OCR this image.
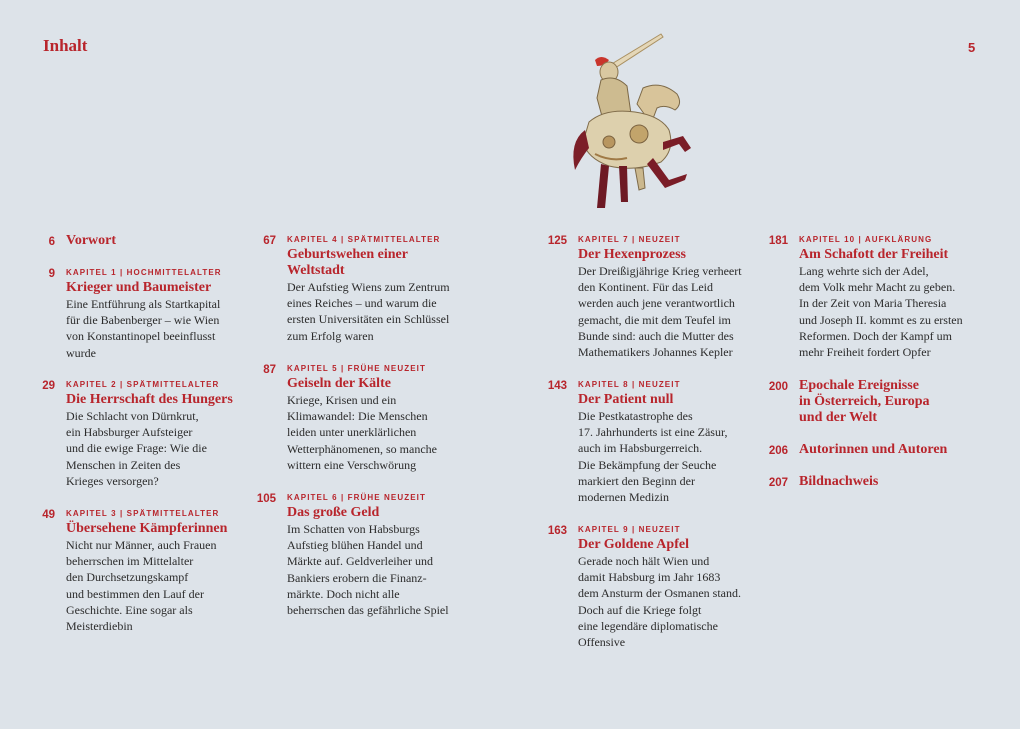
Inhalt	5
6 Vorwort
9 KAPITEL 1 | HOCHMITTELALTER
Krieger und Baumeister
Eine Entführung als Startkapital
für die Babenberger – wie Wien
von Konstantinopel beeinflusst
wurde
29 KAPITEL 2 | SPÄTMITTELALTER
Die Herrschaft des Hungers
Die Schlacht von Dürnkrut,
ein Habsburger Aufsteiger
und die ewige Frage: Wie die
Menschen in Zeiten des
Krieges versorgen?
49 KAPITEL 3 | SPÄTMITTELALTER
Übersehene Kämpferinnen
Nicht nur Männer, auch Frauen
beherrschen im Mittelalter
den Durchsetzungskampf
und bestimmen den Lauf der
Geschichte. Eine sogar als
Meisterdiebin
67 KAPITEL 4 | SPÄTMITTELALTER
Geburtswehen einer
Weltstadt
Der Aufstieg Wiens zum Zentrum
eines Reiches – und warum die
ersten Universitäten ein Schlüssel
zum Erfolg waren
87 KAPITEL 5 | FRÜHE NEUZEIT
Geiseln der Kälte
Kriege, Krisen und ein
Klimawandel: Die Menschen
leiden unter unerklärlichen
Wetterphänomenen, so manche
wittern eine Verschwörung
105 KAPITEL 6 | FRÜHE NEUZEIT
Das große Geld
Im Schatten von Habsburgs
Aufstieg blühen Handel und
Märkte auf. Geldverleiher und
Bankiers erobern die Finanz-
märkte. Doch nicht alle
beherrschen das gefährliche Spiel
125 KAPITEL 7 | NEUZEIT
Der Hexenprozess
Der Dreißigjährige Krieg verheert
den Kontinent. Für das Leid
werden auch jene verantwortlich
gemacht, die mit dem Teufel im
Bunde sind: auch die Mutter des
Mathematikers Johannes Kepler
143 KAPITEL 8 | NEUZEIT
Der Patient null
Die Pestkatastrophe des
17. Jahrhunderts ist eine Zäsur,
auch im Habsburgerreich.
Die Bekämpfung der Seuche
markiert den Beginn der
modernen Medizin
163 KAPITEL 9 | NEUZEIT
Der Goldene Apfel
Gerade noch hält Wien und
damit Habsburg im Jahr 1683
dem Ansturm der Osmanen stand.
Doch auf die Kriege folgt
eine legendäre diplomatische
Offensive
181 KAPITEL 10 | AUFKLÄRUNG
Am Schafott der Freiheit
Lang wehrte sich der Adel,
dem Volk mehr Macht zu geben.
In der Zeit von Maria Theresia
und Joseph II. kommt es zu ersten
Reformen. Doch der Kampf um
mehr Freiheit fordert Opfer
200 Epochale Ereignisse
in Österreich, Europa
und der Welt
206 Autorinnen und Autoren
207 Bildnachweis
